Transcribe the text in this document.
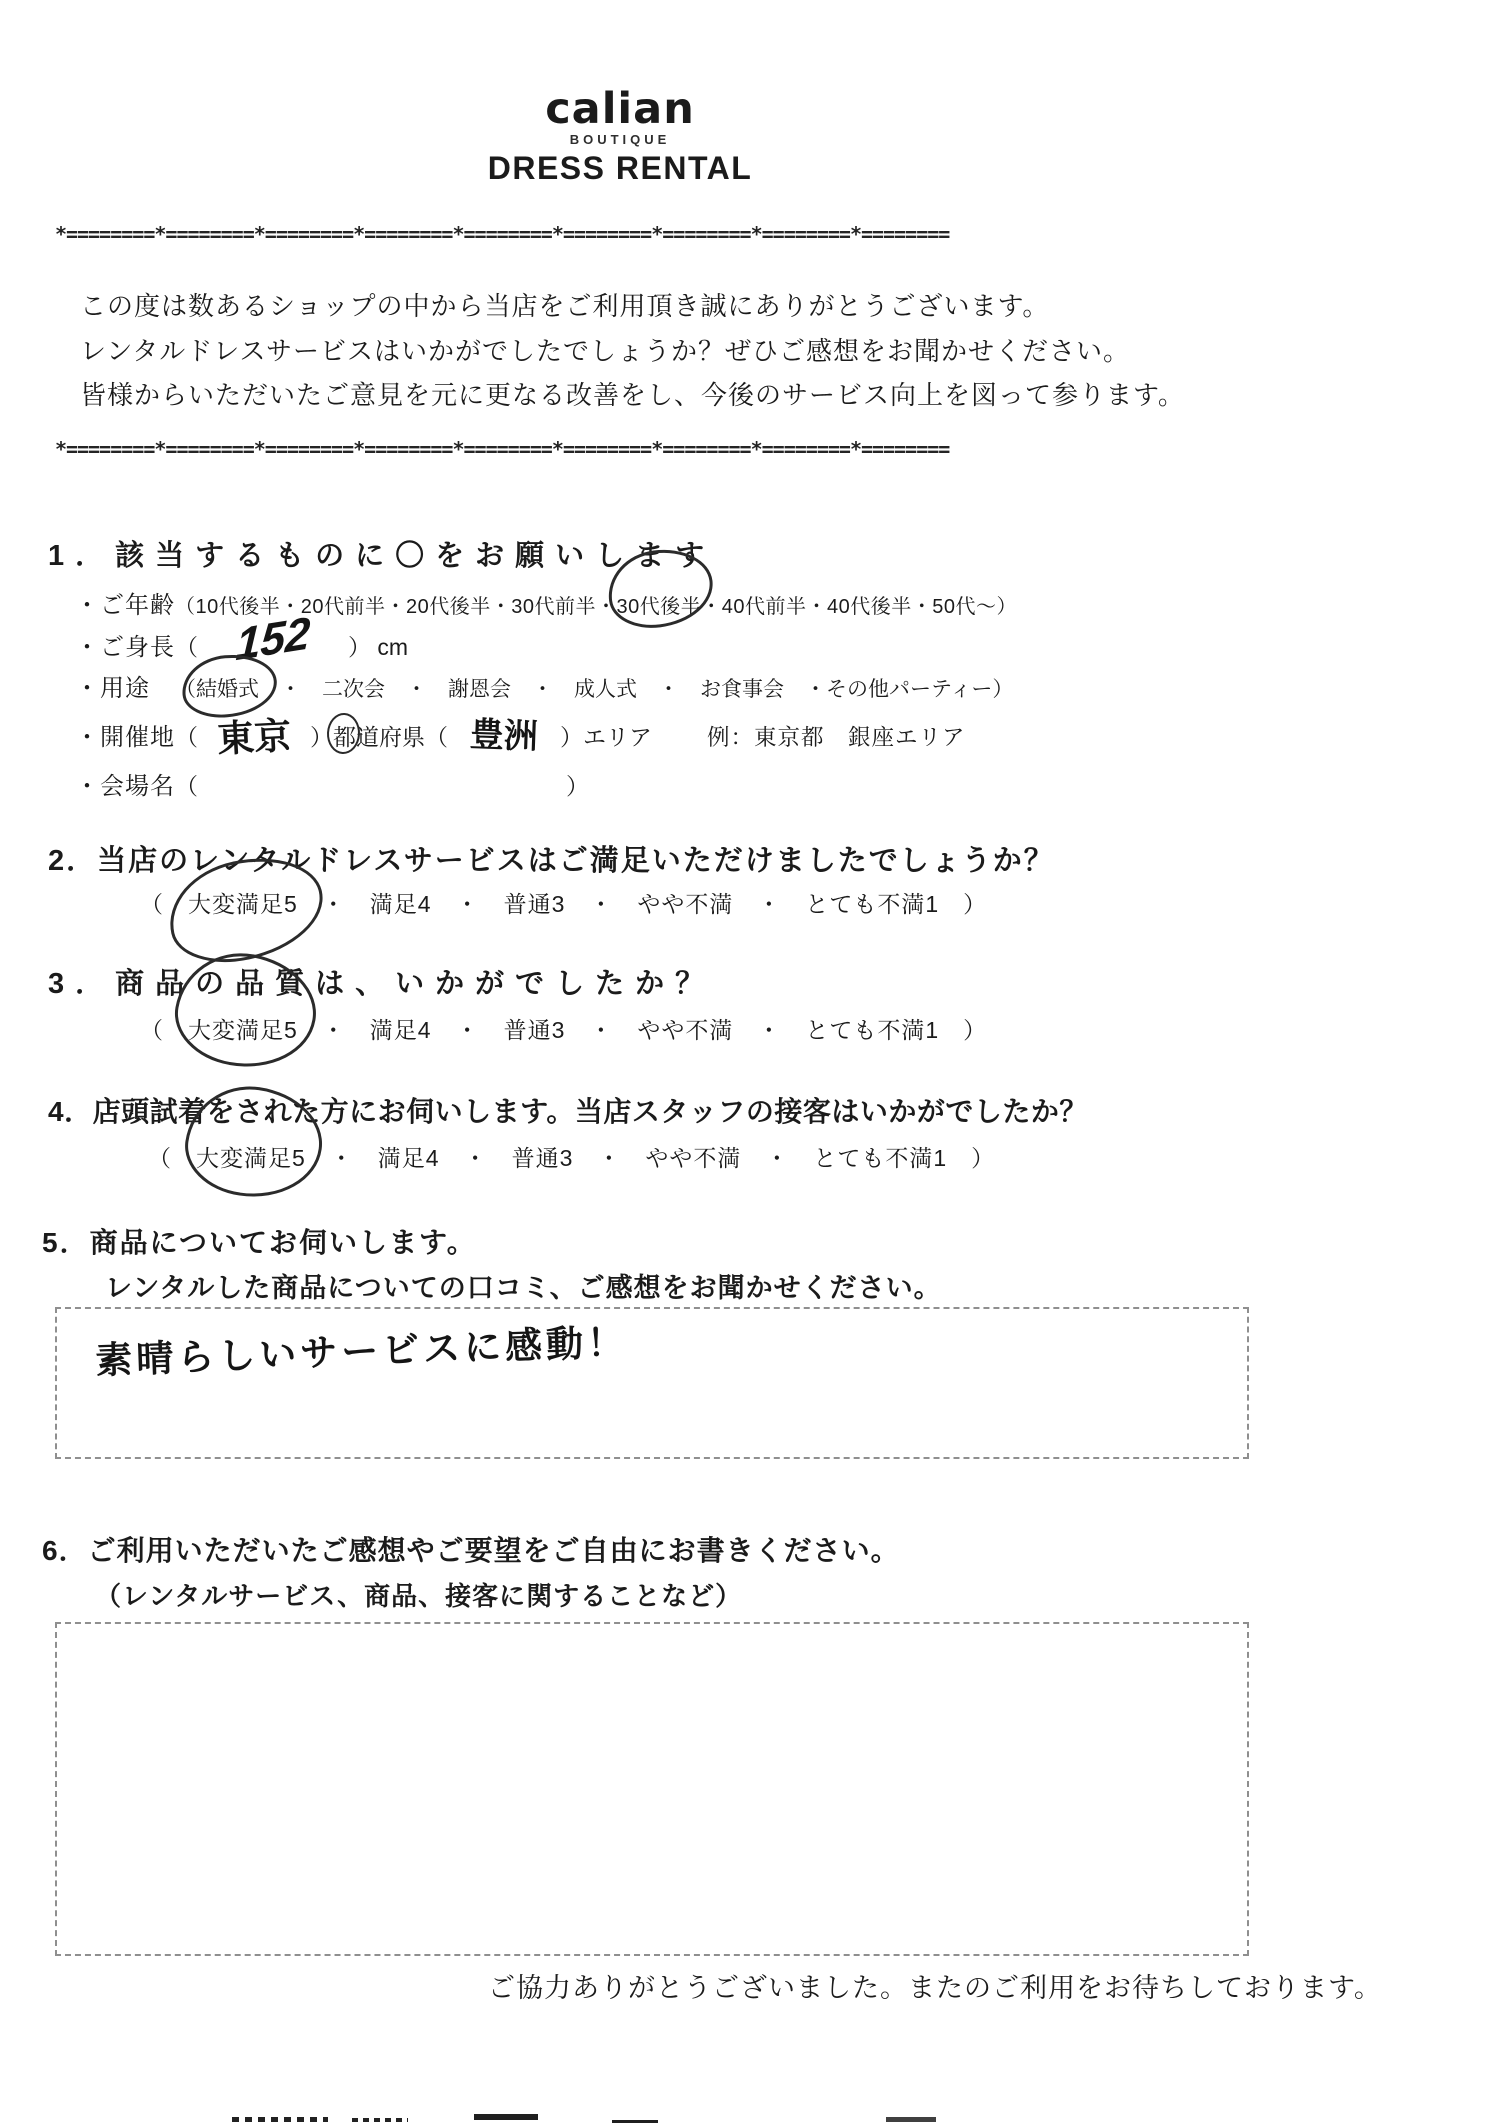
calian
BOUTIQUE
DRESS RENTAL
*========*========*========*========*========*========*========*========*========
*========*========*========*========*========*========*========*========*========
この度は数あるショップの中から当店をご利用頂き誠にありがとうございます。
レンタルドレスサービスはいかがでしたでしょうか？ぜひご感想をお聞かせください。
皆様からいただいたご意見を元に更なる改善をし、今後のサービス向上を図って参ります。
1．該当するものに〇をお願いします
・ご年齢（10代後半・20代前半・20代後半・30代前半・
30代後半・40代前半・40代後半・50代～）
・ご身長（ 152 ） cm
・用途 （
結婚式　・　二次会　・　謝恩会　・　成人式　・　お食事会　・その他パーティー）
・開催地（ 東京 ）
都道府県（ 豊洲 ）エリア 例：東京都　銀座エリア
・会場名（　　　　　　　　　　　　　　　　）
2．当店のレンタルドレスサービスはご満足いただけましたでしょうか？
（　
大変満足5　・　満足4　・　普通3　・　やや不満　・　とても不満1　）
3．商品の品質は、いかがでしたか？
（　
大変満足5　・　満足4　・　普通3　・　やや不満　・　とても不満1　）
4．店頭試着をされた方にお伺いします。当店スタッフの接客はいかがでしたか？
（　
大変満足5　・　満足4　・　普通3　・　やや不満　・　とても不満1　）
5．商品についてお伺いします。
レンタルした商品についての口コミ、ご感想をお聞かせください。
素晴らしいサービスに感動！
6．ご利用いただいたご感想やご要望をご自由にお書きください。
（レンタルサービス、商品、接客に関することなど）
ご協力ありがとうございました。またのご利用をお待ちしております。
